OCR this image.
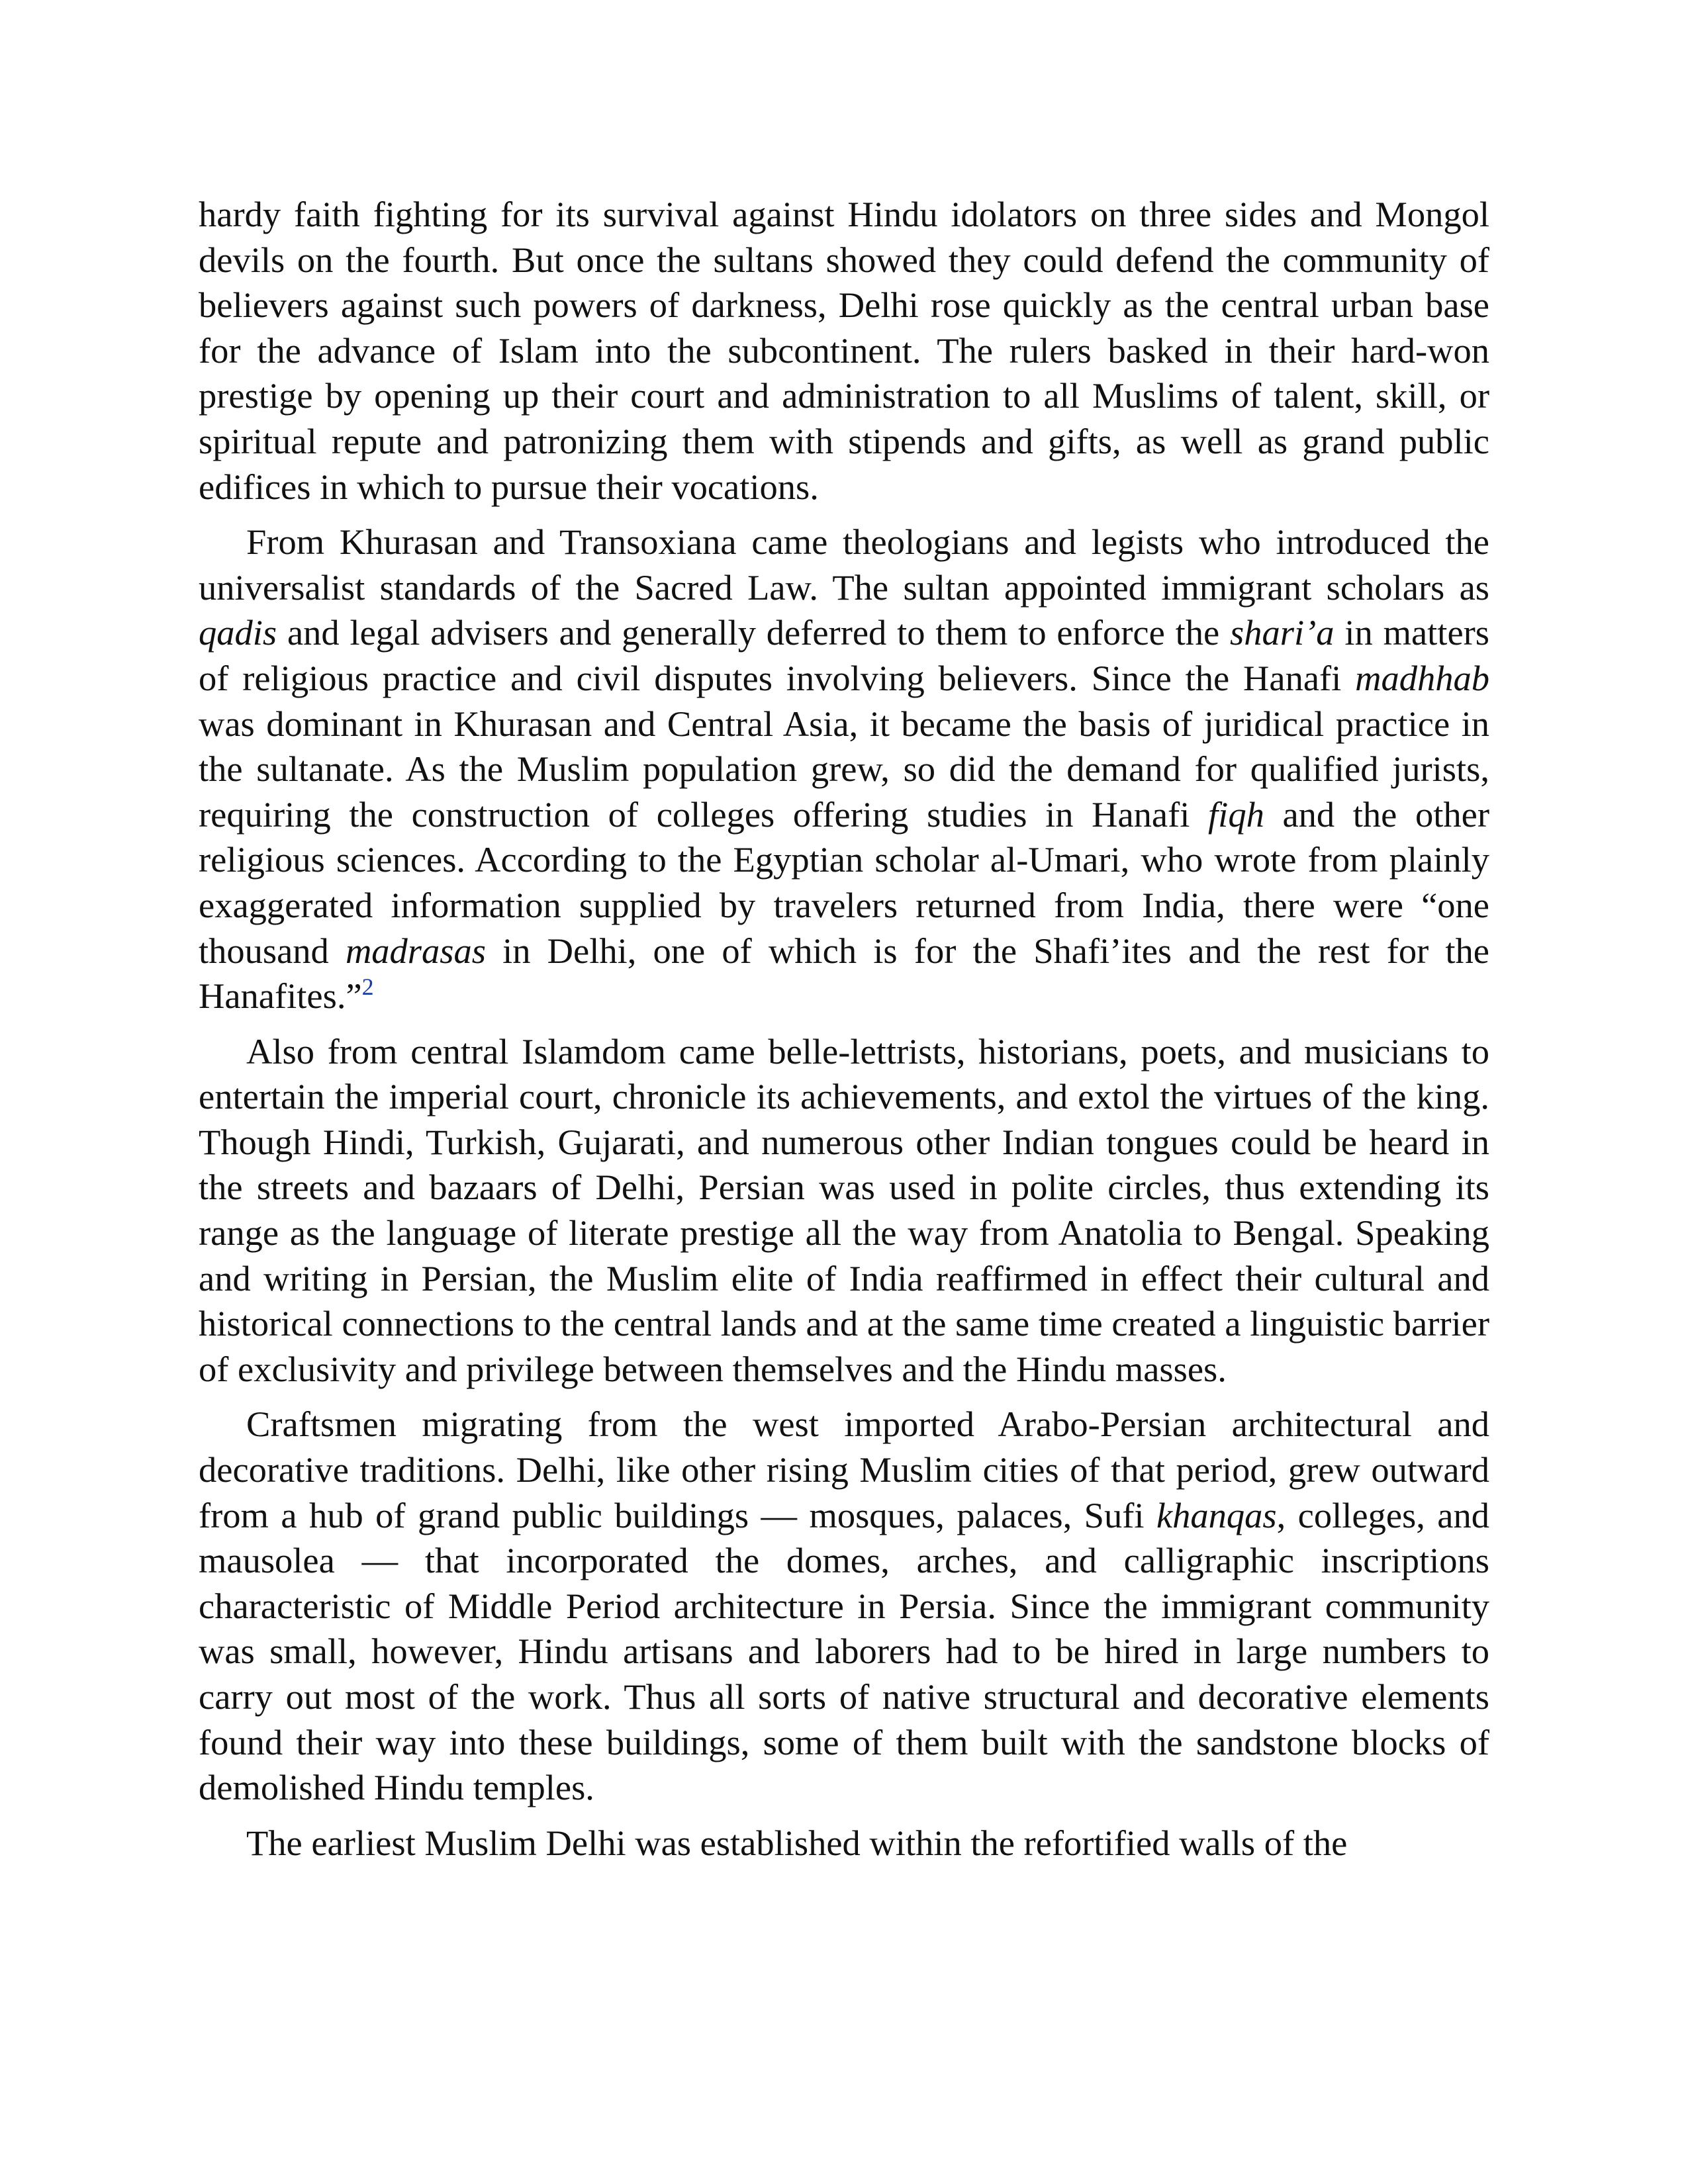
hardy faith fighting for its survival against Hindu idolators on three sides and Mongol devils on the fourth. But once the sultans showed they could defend the community of believers against such powers of darkness, Delhi rose quickly as the central urban base for the advance of Islam into the subcontinent. The rulers basked in their hard-won prestige by opening up their court and administration to all Muslims of talent, skill, or spiritual repute and patronizing them with stipends and gifts, as well as grand public edifices in which to pursue their vocations.

From Khurasan and Transoxiana came theologians and legists who introduced the universalist standards of the Sacred Law. The sultan appointed immigrant scholars as qadis and legal advisers and generally deferred to them to enforce the shari’a in matters of religious practice and civil disputes involving believers. Since the Hanafi madhhab was dominant in Khurasan and Central Asia, it became the basis of juridical practice in the sultanate. As the Muslim population grew, so did the demand for qualified jurists, requiring the construction of colleges offering studies in Hanafi fiqh and the other religious sciences. According to the Egyptian scholar al-Umari, who wrote from plainly exaggerated information supplied by travelers returned from India, there were “one thousand madrasas in Delhi, one of which is for the Shafi’ites and the rest for the Hanafites.”$^2$

Also from central Islamdom came belle-lettrists, historians, poets, and musicians to entertain the imperial court, chronicle its achievements, and extol the virtues of the king. Though Hindi, Turkish, Gujarati, and numerous other Indian tongues could be heard in the streets and bazaars of Delhi, Persian was used in polite circles, thus extending its range as the language of literate prestige all the way from Anatolia to Bengal. Speaking and writing in Persian, the Muslim elite of India reaffirmed in effect their cultural and historical connections to the central lands and at the same time created a linguistic barrier of exclusivity and privilege between themselves and the Hindu masses.

Craftsmen migrating from the west imported Arabo-Persian architectural and decorative traditions. Delhi, like other rising Muslim cities of that period, grew outward from a hub of grand public buildings — mosques, palaces, Sufi khanqas, colleges, and mausolea — that incorporated the domes, arches, and calligraphic inscriptions characteristic of Middle Period architecture in Persia. Since the immigrant community was small, however, Hindu artisans and laborers had to be hired in large numbers to carry out most of the work. Thus all sorts of native structural and decorative elements found their way into these buildings, some of them built with the sandstone blocks of demolished Hindu temples.

The earliest Muslim Delhi was established within the refortified walls of the
